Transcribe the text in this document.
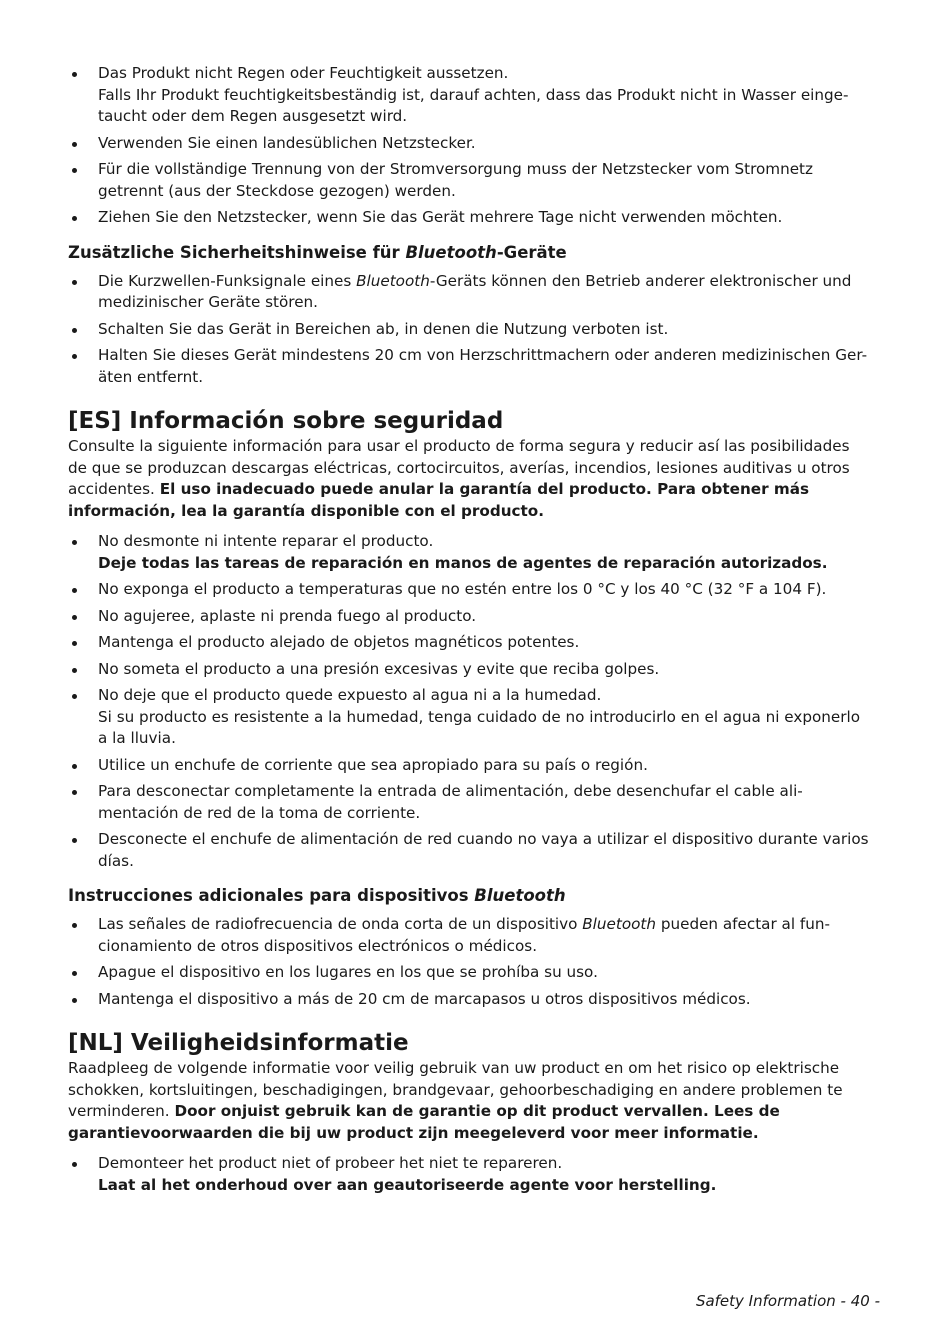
Das Produkt nicht Regen oder Feuchtigkeit aussetzen.
Falls Ihr Produkt feuchtigkeitsbeständig ist, darauf achten, dass das Produkt nicht in Wasser einge-
taucht oder dem Regen ausgesetzt wird.
Verwenden Sie einen landesüblichen Netzstecker.
Für die vollständige Trennung von der Stromversorgung muss der Netzstecker vom Stromnetz
getrennt (aus der Steckdose gezogen) werden.
Ziehen Sie den Netzstecker, wenn Sie das Gerät mehrere Tage nicht verwenden möchten.
Zusätzliche Sicherheitshinweise für Bluetooth-Geräte
Die Kurzwellen-Funksignale eines Bluetooth-Geräts können den Betrieb anderer elektronischer und
medizinischer Geräte stören.
Schalten Sie das Gerät in Bereichen ab, in denen die Nutzung verboten ist.
Halten Sie dieses Gerät mindestens 20 cm von Herzschrittmachern oder anderen medizinischen Ger-
äten entfernt.
[ES] Información sobre seguridad

Consulte la siguiente información para usar el producto de forma segura y reducir así las posibilidades
de que se produzcan descargas eléctricas, cortocircuitos, averías, incendios, lesiones auditivas u otros
accidentes. El uso inadecuado puede anular la garantía del producto. Para obtener más
información, lea la garantía disponible con el producto.

No desmonte ni intente reparar el producto.
Deje todas las tareas de reparación en manos de agentes de reparación autorizados.
No exponga el producto a temperaturas que no estén entre los 0 °C y los 40 °C (32 °F a 104 F).
No agujeree, aplaste ni prenda fuego al producto.
Mantenga el producto alejado de objetos magnéticos potentes.
No someta el producto a una presión excesivas y evite que reciba golpes.
No deje que el producto quede expuesto al agua ni a la humedad.
Si su producto es resistente a la humedad, tenga cuidado de no introducirlo en el agua ni exponerlo
a la lluvia.
Utilice un enchufe de corriente que sea apropiado para su país o región.
Para desconectar completamente la entrada de alimentación, debe desenchufar el cable ali-
mentación de red de la toma de corriente.
Desconecte el enchufe de alimentación de red cuando no vaya a utilizar el dispositivo durante varios
días.
Instrucciones adicionales para dispositivos Bluetooth
Las señales de radiofrecuencia de onda corta de un dispositivo Bluetooth pueden afectar al fun-
cionamiento de otros dispositivos electrónicos o médicos.
Apague el dispositivo en los lugares en los que se prohíba su uso.
Mantenga el dispositivo a más de 20 cm de marcapasos u otros dispositivos médicos.
[NL] Veiligheidsinformatie

Raadpleeg de volgende informatie voor veilig gebruik van uw product en om het risico op elektrische
schokken, kortsluitingen, beschadigingen, brandgevaar, gehoorbeschadiging en andere problemen te
verminderen. Door onjuist gebruik kan de garantie op dit product vervallen. Lees de
garantievoorwaarden die bij uw product zijn meegeleverd voor meer informatie.

Demonteer het product niet of probeer het niet te repareren.
Laat al het onderhoud over aan geautoriseerde agente voor herstelling.
Safety Information - 40 -
